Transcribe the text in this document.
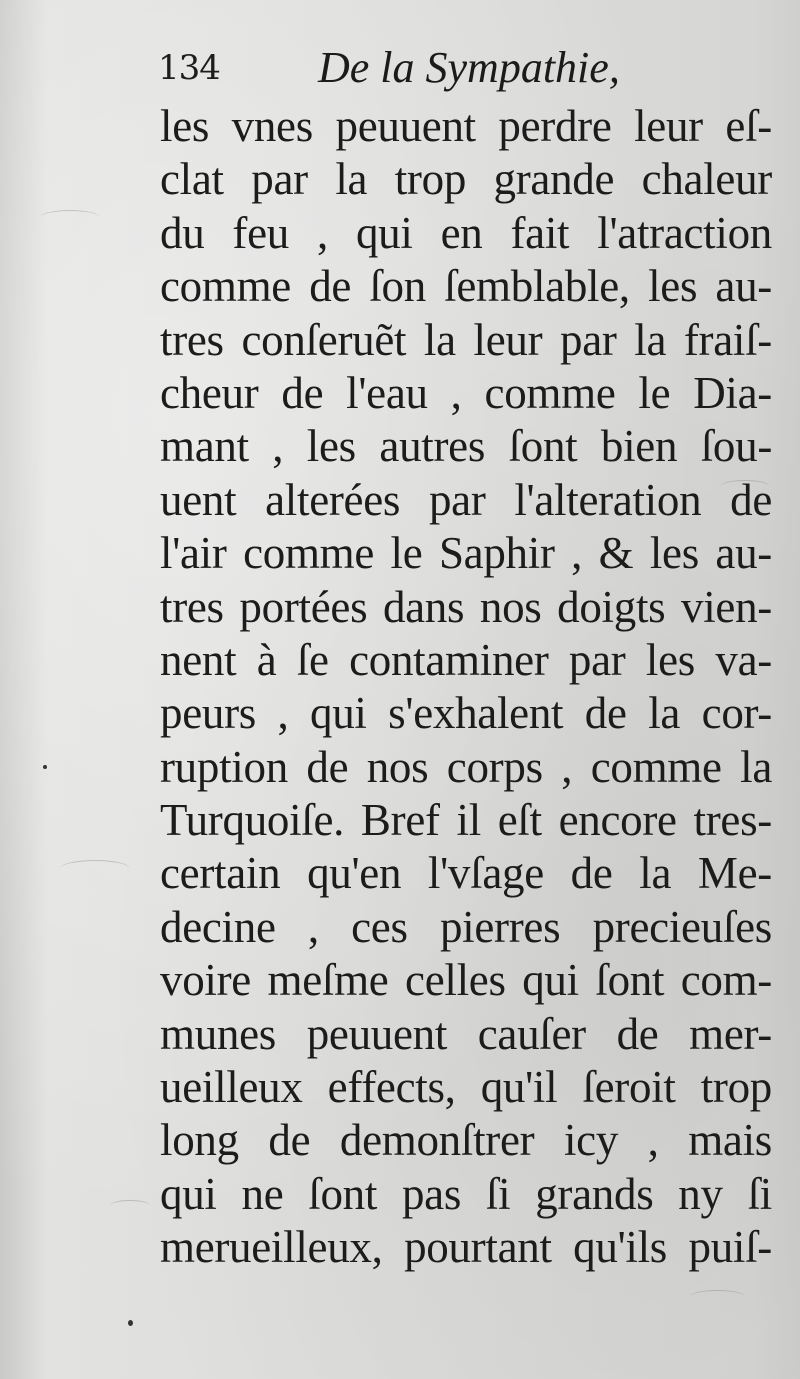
134 De la Sympathie,
les vnes peuuent perdre leur eſ-
clat par la trop grande chaleur
du feu , qui en fait l'atraction
comme de ſon ſemblable, les au-
tres conſeruẽt la leur par la fraiſ-
cheur de l'eau , comme le Dia-
mant , les autres ſont bien ſou-
uent alterées par l'alteration de
l'air comme le Saphir , & les au-
tres portées dans nos doigts vien-
nent à ſe contaminer par les va-
peurs , qui s'exhalent de la cor-
ruption de nos corps , comme la
Turquoiſe. Bref il eſt encore tres-
certain qu'en l'vſage de la Me-
decine , ces pierres precieuſes
voire meſme celles qui ſont com-
munes peuuent cauſer de mer-
ueilleux effects, qu'il ſeroit trop
long de demonſtrer icy , mais
qui ne ſont pas ſi grands ny ſi
merueilleux, pourtant qu'ils puiſ-
